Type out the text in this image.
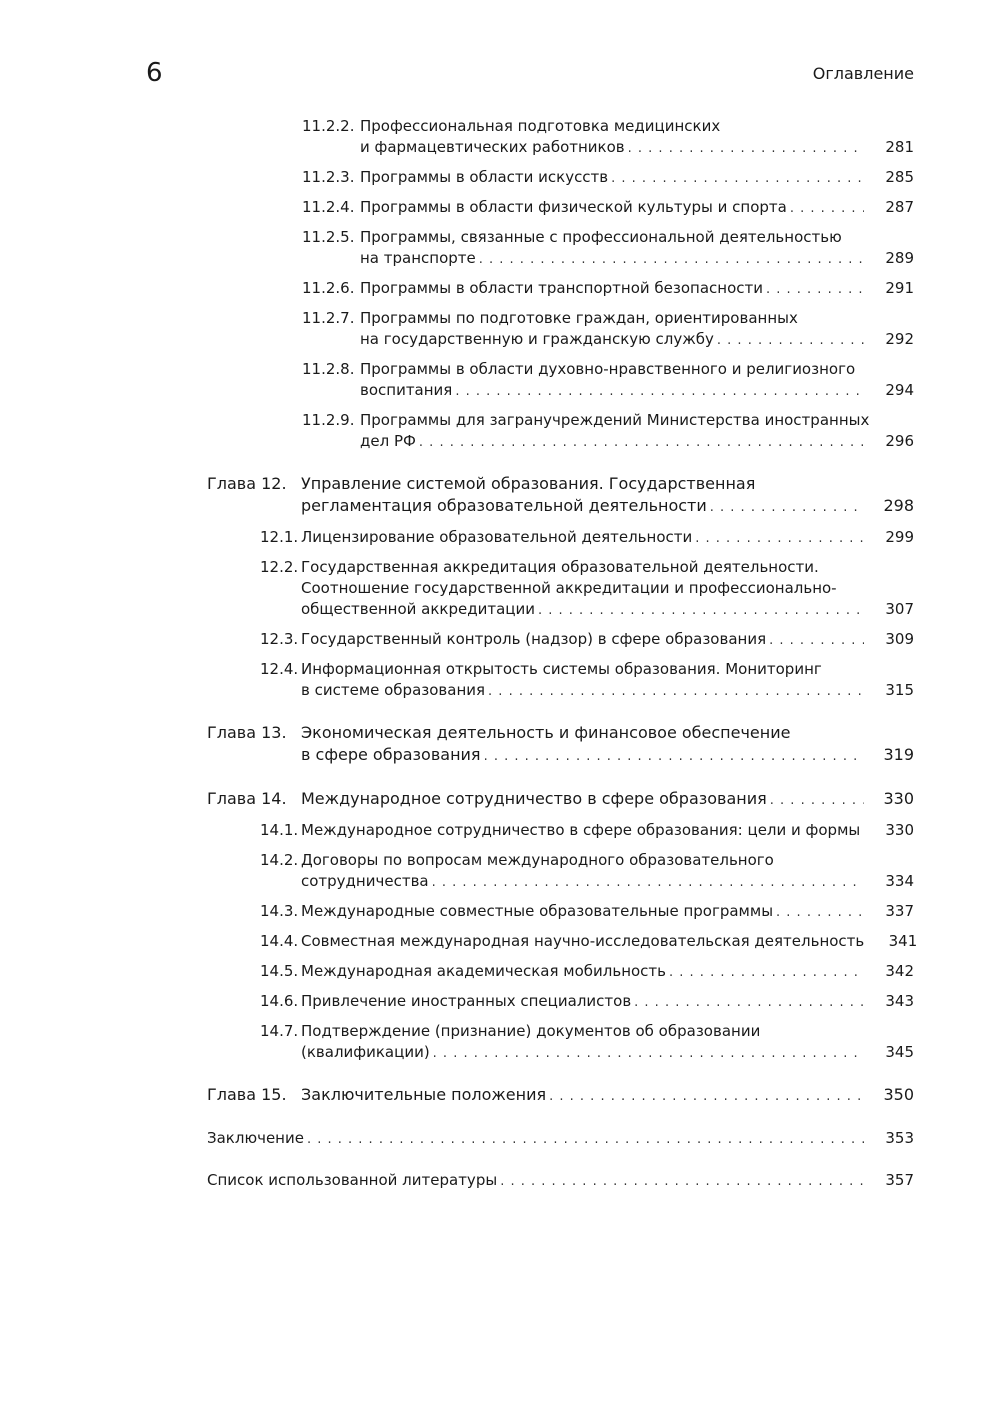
6	Оглавление
11.2.2. Профессиональная подготовка медицинских
и фармацевтических работников . . .	281
11.2.3. Программы в области искусств . . .	285
11.2.4. Программы в области физической культуры и спорта . . .	287
11.2.5. Программы, связанные с профессиональной деятельностью
на транспорте . . .	289
11.2.6. Программы в области транспортной безопасности . . .	291
11.2.7. Программы по подготовке граждан, ориентированных
на государственную и гражданскую службу . . .	292
11.2.8. Программы в области духовно-нравственного и религиозного
воспитания . . .	294
11.2.9. Программы для загранучреждений Министерства иностранных
дел РФ . . .	296
Глава 12. Управление системой образования. Государственная
регламентация образовательной деятельности . . .	298
12.1. Лицензирование образовательной деятельности . . .	299
12.2. Государственная аккредитация образовательной деятельности.
Соотношение государственной аккредитации и профессионально-
общественной аккредитации . . .	307
12.3. Государственный контроль (надзор) в сфере образования . . .	309
12.4. Информационная открытость системы образования. Мониторинг
в системе образования . . .	315
Глава 13. Экономическая деятельность и финансовое обеспечение
в сфере образования . . .	319
Глава 14. Международное сотрудничество в сфере образования . . .	330
14.1. Международное сотрудничество в сфере образования: цели и формы . . .	330
14.2. Договоры по вопросам международного образовательного
сотрудничества . . .	334
14.3. Международные совместные образовательные программы . . .	337
14.4. Совместная международная научно-исследовательская деятельность	341
14.5. Международная академическая мобильность . . .	342
14.6. Привлечение иностранных специалистов . . .	343
14.7. Подтверждение (признание) документов об образовании
(квалификации) . . .	345
Глава 15. Заключительные положения . . .	350
Заключение . . .	353
Список использованной литературы . . .	357
